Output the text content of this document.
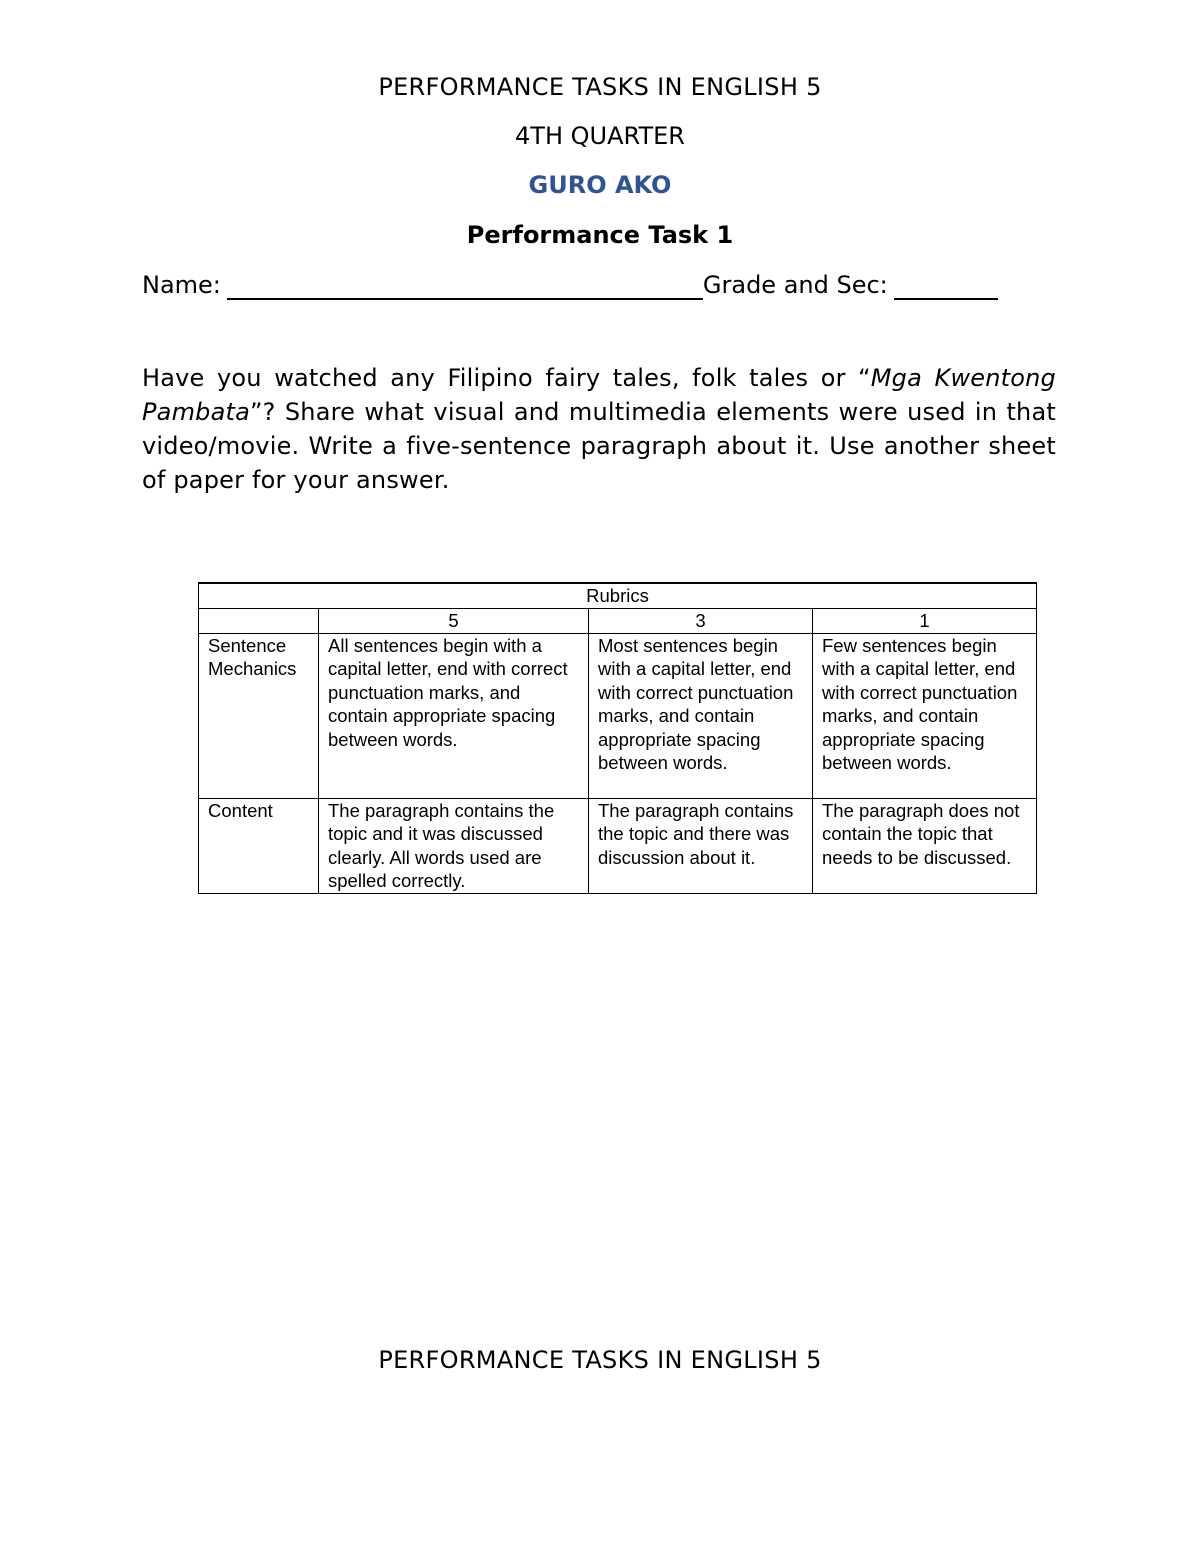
PERFORMANCE TASKS IN ENGLISH 5
4TH QUARTER
GURO AKO
Performance Task 1
Name:	Grade and Sec:
Have you watched any Filipino fairy tales, folk tales or “Mga Kwentong Pambata”? Share what visual and multimedia elements were used in that video/movie. Write a five-sentence paragraph about it. Use another sheet of paper for your answer.
Rubrics			
	5	3	1
Sentence Mechanics	All sentences begin with a capital letter, end with correct punctuation marks, and contain appropriate spacing between words.	Most sentences begin with a capital letter, end with correct punctuation marks, and contain appropriate spacing between words.	Few sentences begin with a capital letter, end with correct punctuation marks, and contain appropriate spacing between words.
Content	The paragraph contains the topic and it was discussed clearly. All words used are spelled correctly.	The paragraph contains the topic and there was discussion about it.	The paragraph does not contain the topic that needs to be discussed.
PERFORMANCE TASKS IN ENGLISH 5
